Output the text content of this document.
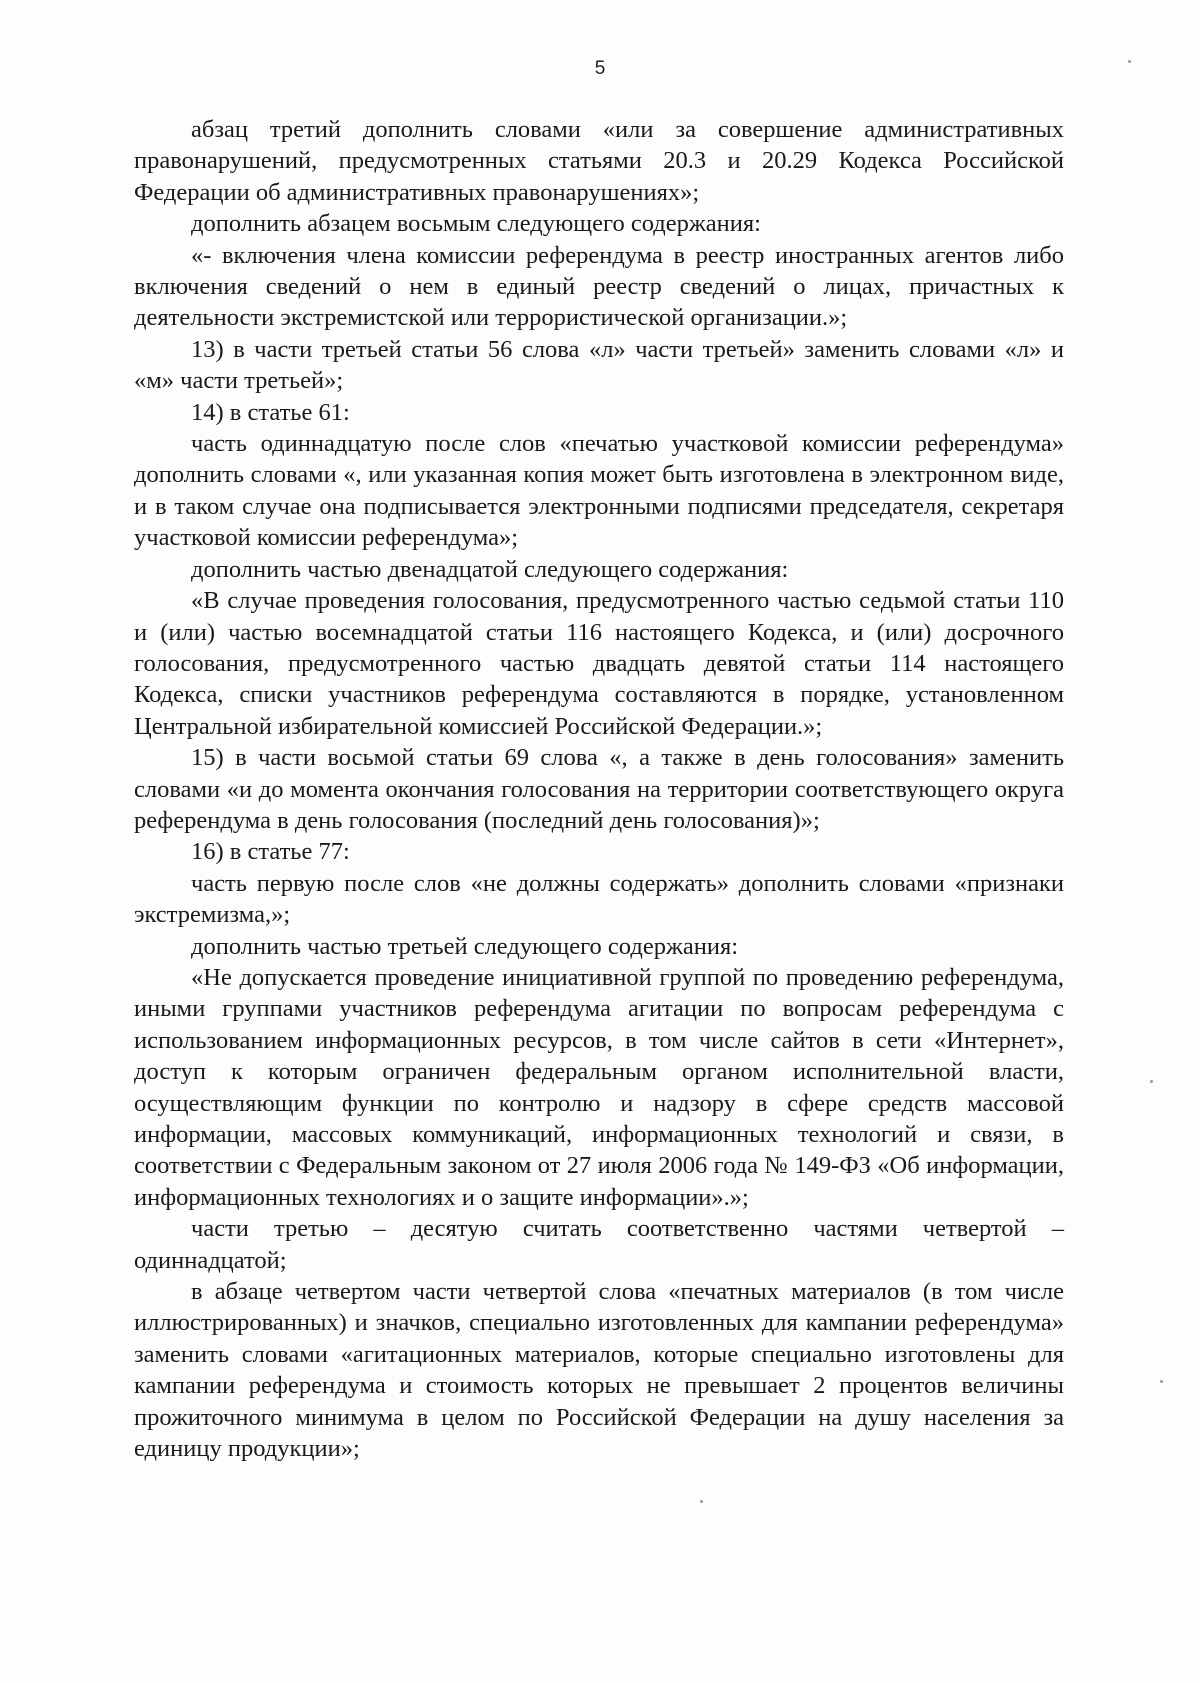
5

абзац третий дополнить словами «или за совершение административных правонарушений, предусмотренных статьями 20.3 и 20.29 Кодекса Российской Федерации об административных правонарушениях»;

дополнить абзацем восьмым следующего содержания:

«- включения члена комиссии референдума в реестр иностранных агентов либо включения сведений о нем в единый реестр сведений о лицах, причастных к деятельности экстремистской или террористической организации.»;

13) в части третьей статьи 56 слова «л» части третьей» заменить словами «л» и «м» части третьей»;

14) в статье 61:

часть одиннадцатую после слов «печатью участковой комиссии референдума» дополнить словами «, или указанная копия может быть изготовлена в электронном виде, и в таком случае она подписывается электронными подписями председателя, секретаря участковой комиссии референдума»;

дополнить частью двенадцатой следующего содержания:

«В случае проведения голосования, предусмотренного частью седьмой статьи 110 и (или) частью восемнадцатой статьи 116 настоящего Кодекса, и (или) досрочного голосования, предусмотренного частью двадцать девятой статьи 114 настоящего Кодекса, списки участников референдума составляются в порядке, установленном Центральной избирательной комиссией Российской Федерации.»;

15) в части восьмой статьи 69 слова «, а также в день голосования» заменить словами «и до момента окончания голосования на территории соответствующего округа референдума в день голосования (последний день голосования)»;

16) в статье 77:

часть первую после слов «не должны содержать» дополнить словами «признаки экстремизма,»;

дополнить частью третьей следующего содержания:

«Не допускается проведение инициативной группой по проведению референдума, иными группами участников референдума агитации по вопросам референдума с использованием информационных ресурсов, в том числе сайтов в сети «Интернет», доступ к которым ограничен федеральным органом исполнительной власти, осуществляющим функции по контролю и надзору в сфере средств массовой информации, массовых коммуникаций, информационных технологий и связи, в соответствии с Федеральным законом от 27 июля 2006 года № 149-ФЗ «Об информации, информационных технологиях и о защите информации».»;

части третью – десятую считать соответственно частями четвертой – одиннадцатой;

в абзаце четвертом части четвертой слова «печатных материалов (в том числе иллюстрированных) и значков, специально изготовленных для кампании референдума» заменить словами «агитационных материалов, которые специально изготовлены для кампании референдума и стоимость которых не превышает 2 процентов величины прожиточного минимума в целом по Российской Федерации на душу населения за единицу продукции»;
